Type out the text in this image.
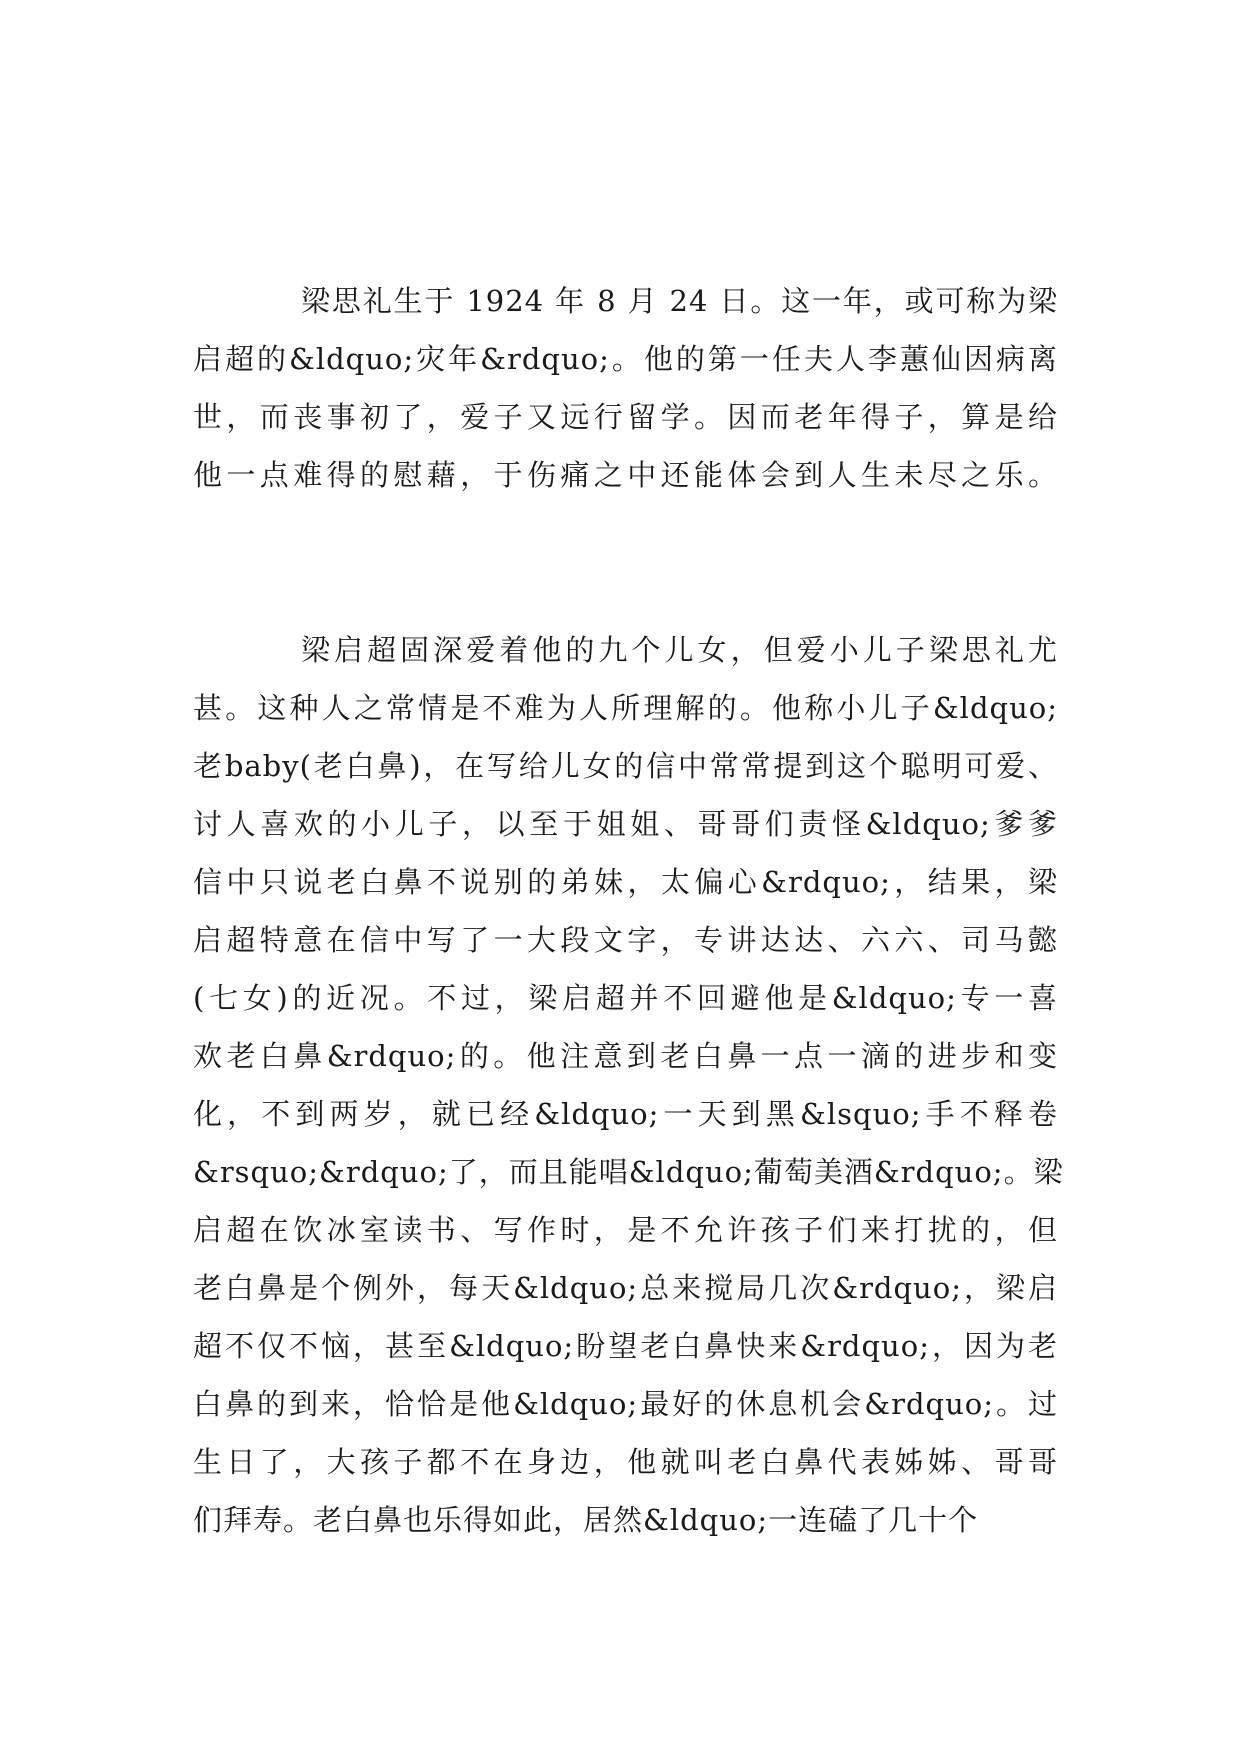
梁思礼生于 1924 年 8 月 24 日。这一年，或可称为梁
启超的&ldquo;灾年&rdquo;。他的第一任夫人李蕙仙因病离
世，而丧事初了，爱子又远行留学。因而老年得子，算是给
他一点难得的慰藉，于伤痛之中还能体会到人生未尽之乐。
梁启超固深爱着他的九个儿女，但爱小儿子梁思礼尤
甚。这种人之常情是不难为人所理解的。他称小儿子&ldquo;
老baby(老白鼻)，在写给儿女的信中常常提到这个聪明可爱、
讨人喜欢的小儿子，以至于姐姐、哥哥们责怪&ldquo;爹爹
信中只说老白鼻不说别的弟妹，太偏心&rdquo;，结果，梁
启超特意在信中写了一大段文字，专讲达达、六六、司马懿
(七女)的近况。不过，梁启超并不回避他是&ldquo;专一喜
欢老白鼻&rdquo;的。他注意到老白鼻一点一滴的进步和变
化，不到两岁，就已经&ldquo;一天到黑&lsquo;手不释卷
&rsquo;&rdquo;了，而且能唱&ldquo;葡萄美酒&rdquo;。梁
启超在饮冰室读书、写作时，是不允许孩子们来打扰的，但
老白鼻是个例外，每天&ldquo;总来搅局几次&rdquo;，梁启
超不仅不恼，甚至&ldquo;盼望老白鼻快来&rdquo;，因为老
白鼻的到来，恰恰是他&ldquo;最好的休息机会&rdquo;。过
生日了，大孩子都不在身边，他就叫老白鼻代表姊姊、哥哥
们拜寿。老白鼻也乐得如此，居然&ldquo;一连磕了几十个
